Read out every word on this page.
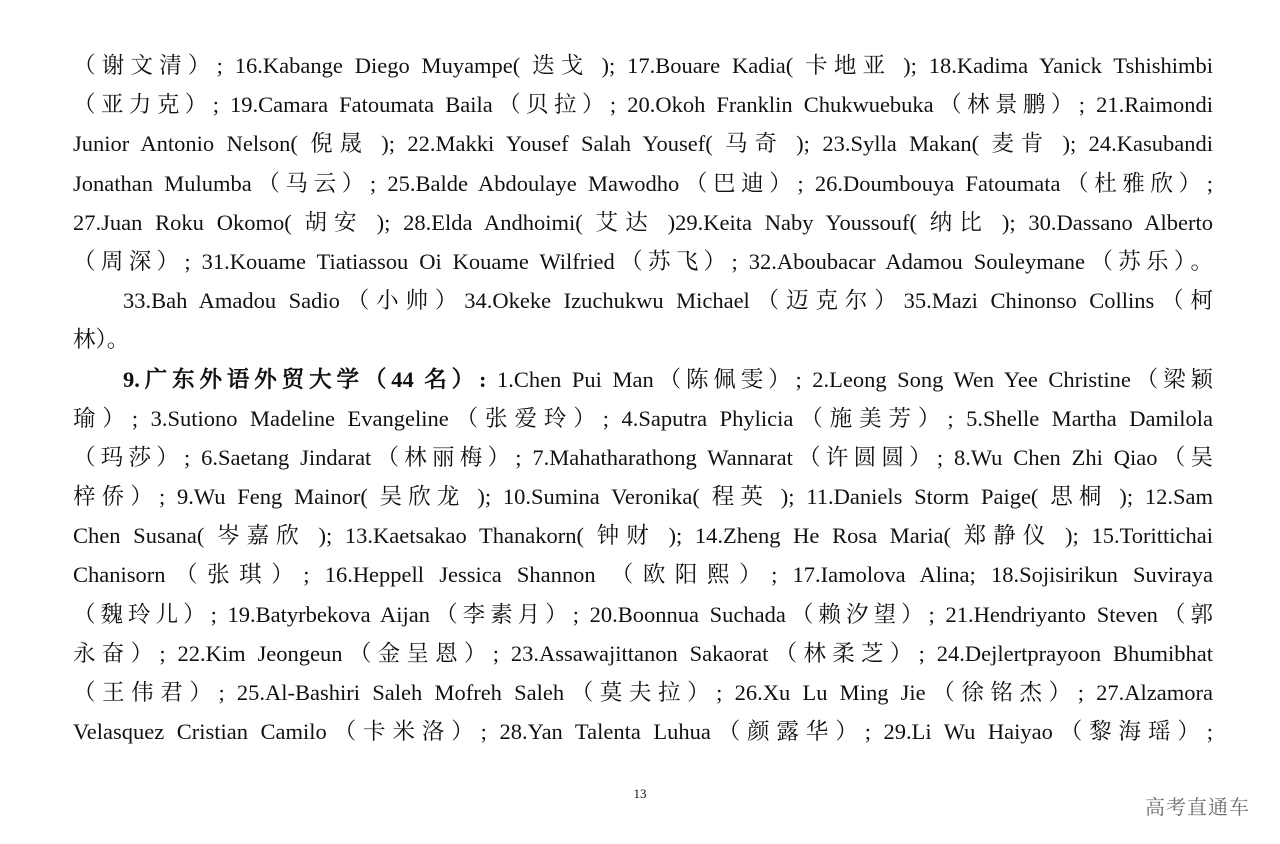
（谢文清）; 16.Kabange Diego Muyampe( 迭戈 ); 17.Bouare Kadia( 卡地亚 ); 18.Kadima Yanick Tshishimbi
（亚力克）; 19.Camara Fatoumata Baila（贝拉）; 20.Okoh Franklin Chukwuebuka（林景鹏）; 21.Raimondi
Junior Antonio Nelson( 倪晟 ); 22.Makki Yousef Salah Yousef( 马奇 ); 23.Sylla Makan( 麦肯 ); 24.Kasubandi
Jonathan Mulumba（马云）; 25.Balde Abdoulaye Mawodho（巴迪）; 26.Doumbouya Fatoumata（杜雅欣）;
27.Juan Roku Okomo( 胡安 ); 28.Elda Andhoimi( 艾达 )29.Keita Naby Youssouf( 纳比 ); 30.Dassano Alberto
（周深）; 31.Kouame Tiatiassou Oi Kouame Wilfried（苏飞）; 32.Aboubacar Adamou Souleymane（苏乐）。
33.Bah Amadou Sadio（小帅）34.Okeke Izuchukwu Michael（迈克尔）35.Mazi Chinonso Collins（柯
林）。
9.广东外语外贸大学（44 名）: 1.Chen Pui Man（陈佩雯）; 2.Leong Song Wen Yee Christine（梁颖
瑜）; 3.Sutiono Madeline Evangeline（张爱玲）; 4.Saputra Phylicia（施美芳）; 5.Shelle Martha Damilola
（玛莎）; 6.Saetang Jindarat（林丽梅）; 7.Mahatharathong Wannarat（许圆圆）; 8.Wu Chen Zhi Qiao（吴
梓侨）; 9.Wu Feng Mainor( 吴欣龙 ); 10.Sumina Veronika( 程英 ); 11.Daniels Storm Paige( 思桐 ); 12.Sam
Chen Susana( 岑嘉欣 ); 13.Kaetsakao Thanakorn( 钟财 ); 14.Zheng He Rosa Maria( 郑静仪 ); 15.Torittichai
Chanisorn（张琪）; 16.Heppell Jessica Shannon （欧阳熙）; 17.Iamolova Alina; 18.Sojisirikun Suviraya
（魏玲儿）; 19.Batyrbekova Aijan（李素月）; 20.Boonnua Suchada（赖汐望）; 21.Hendriyanto Steven（郭
永奋）; 22.Kim Jeongeun（金呈恩）; 23.Assawajittanon Sakaorat（林柔芝）; 24.Dejlertprayoon Bhumibhat
（王伟君）; 25.Al-Bashiri Saleh Mofreh Saleh（莫夫拉）; 26.Xu Lu Ming Jie（徐铭杰）; 27.Alzamora
Velasquez Cristian Camilo（卡米洛）; 28.Yan Talenta Luhua（颜露华）; 29.Li Wu Haiyao（黎海瑶）;
13
高考直通车
